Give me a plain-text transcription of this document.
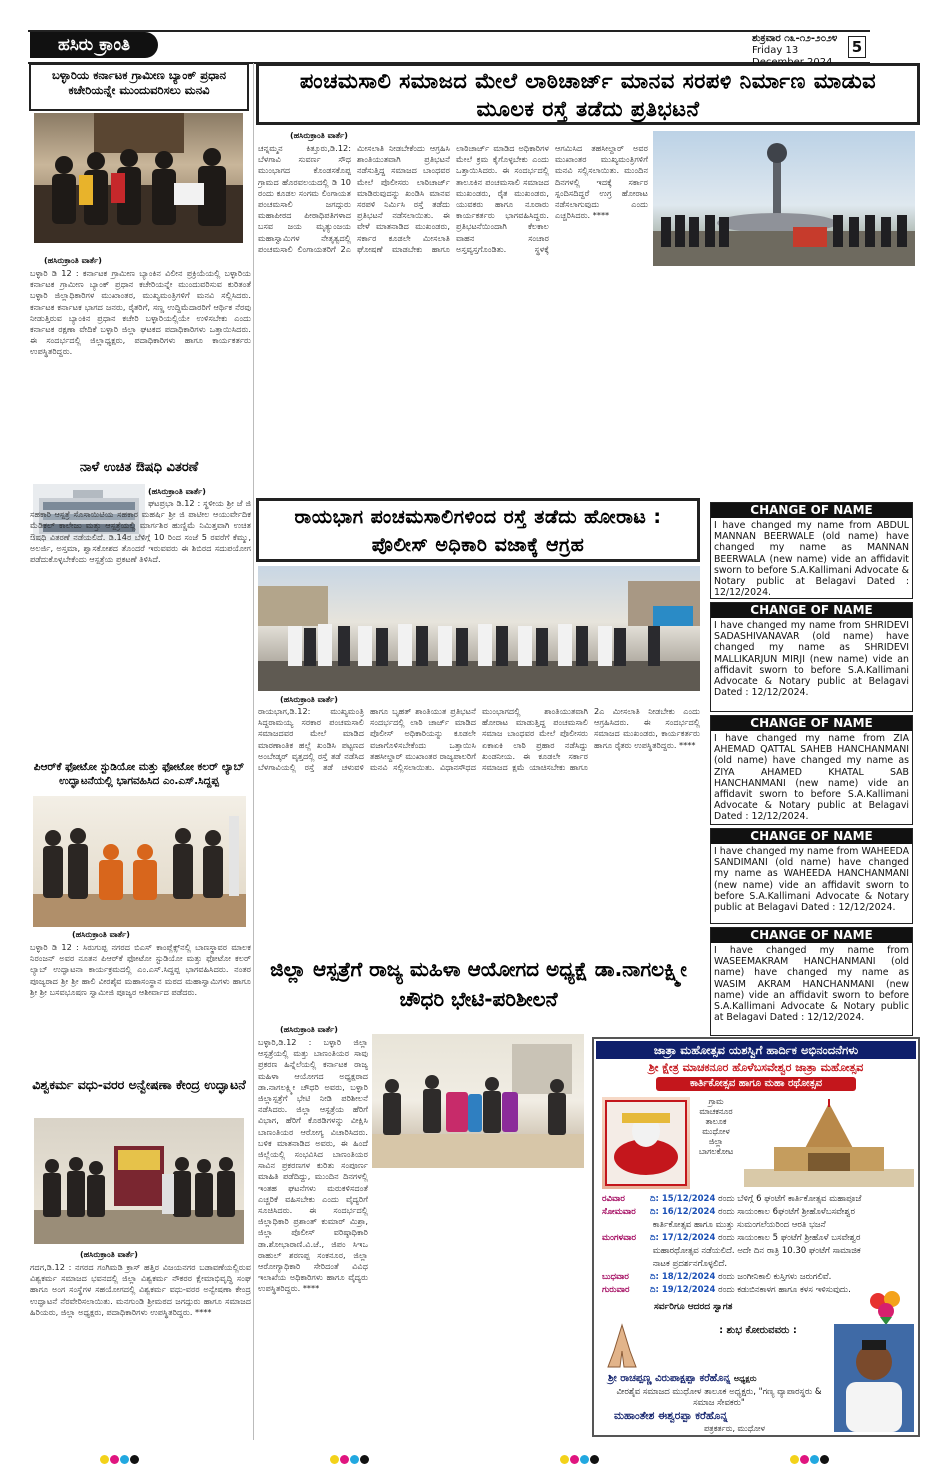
ಹಸಿರು ಕ್ರಾಂತಿ	ಶುಕ್ರವಾರ ೧೩-೧೨-೨೦೨೪
Friday 13 December 2024
5
ಬಳ್ಳಾರಿಯ ಕರ್ನಾಟಕ ಗ್ರಾಮೀಣ ಬ್ಯಾಂಕ್ ಪ್ರಧಾನ ಕಚೇರಿಯನ್ನೇ ಮುಂದುವರಿಸಲು ಮನವಿ
(ಹಸಿರುಕ್ರಾಂತಿ ವಾರ್ತೆ)
ಬಳ್ಳಾರಿ ಡಿ 12 : ಕರ್ನಾಟಕ ಗ್ರಾಮೀಣ ಬ್ಯಾಂಕಿನ ವಿಲೀನ ಪ್ರಕ್ರಿಯೆಯಲ್ಲಿ ಬಳ್ಳಾರಿಯ ಕರ್ನಾಟಕ ಗ್ರಾಮೀಣ ಬ್ಯಾಂಕ್ ಪ್ರಧಾನ ಕಚೇರಿಯನ್ನೇ ಮುಂದುವರಿಸುವ ಕುರಿತಂತೆ ಬಳ್ಳಾರಿ ಜಿಲ್ಲಾಧಿಕಾರಿಗಳ ಮುಖಾಂತರ, ಮುಖ್ಯಮಂತ್ರಿಗಳಿಗೆ ಮನವಿ ಸಲ್ಲಿಸಿದರು. ಕರ್ನಾಟಕ ಕರ್ನಾಟಕ ಭಾಗದ ಜನರು, ರೈತರಿಗೆ, ಸಣ್ಣ ಉದ್ದಿಮೆದಾರರಿಗೆ ಆರ್ಥಿಕ ನೆರವು ನೀಡುತ್ತಿರುವ ಬ್ಯಾಂಕಿನ ಪ್ರಧಾನ ಕಚೇರಿ ಬಳ್ಳಾರಿಯಲ್ಲಿಯೇ ಉಳಿಸಬೇಕು ಎಂದು ಕರ್ನಾಟಕ ರಕ್ಷಣಾ ವೇದಿಕೆ ಬಳ್ಳಾರಿ ಜಿಲ್ಲಾ ಘಟಕದ ಪದಾಧಿಕಾರಿಗಳು ಒತ್ತಾಯಿಸಿದರು. ಈ ಸಂದರ್ಭದಲ್ಲಿ ಜಿಲ್ಲಾಧ್ಯಕ್ಷರು, ಪದಾಧಿಕಾರಿಗಳು ಹಾಗೂ ಕಾರ್ಯಕರ್ತರು ಉಪಸ್ಥಿತರಿದ್ದರು.
ನಾಳೆ ಉಚಿತ ಔಷಧಿ ವಿತರಣೆ
(ಹಸಿರುಕ್ರಾಂತಿ ವಾರ್ತೆ)
ಘಟಪ್ರಭಾ ಡಿ.12 : ಸ್ಥಳೀಯ ಶ್ರೀ ಜೆ ಜಿ ಸಹಕಾರಿ ಆಸ್ಪತ್ರೆ ಸೊಸಾಯಿಟಿಯ ಸಹಕಾರ ಮಹರ್ಷಿ ಶ್ರೀ ಜಿ ಪಾಟೀಲ ಆಯುರ್ವೇದಿಕ ಮೆಡಿಕಲ್ ಕಾಲೇಜು ಮತ್ತು ಆಸ್ಪತ್ರೆಯಲ್ಲಿ ಮಾರ್ಗಶಿರ ಹುಣ್ಣಿಮೆ ನಿಮಿತ್ತವಾಗಿ ಉಚಿತ ಔಷಧಿ ವಿತರಣೆ ನಡೆಯಲಿದೆ. ಡಿ.14ರ ಬೆಳಿಗ್ಗೆ 10 ರಿಂದ ಸಂಜೆ 5 ರವರೆಗೆ ಕೆಮ್ಮು, ಅಲರ್ಜಿ, ಅಸ್ತಮಾ, ಶ್ವಾಸಕೋಶದ ತೊಂದರೆ ಇರುವವರು ಈ ಶಿಬಿರದ ಸದುಪಯೋಗ ಪಡೆದುಕೊಳ್ಳಬೇಕೆಂದು ಆಸ್ಪತ್ರೆಯ ಪ್ರಕಟಣೆ ತಿಳಿಸಿದೆ.
ಪಿಆರ್‌ಕೆ ಫೋಟೋ ಸ್ಟುಡಿಯೋ ಮತ್ತು ಫೋಟೋ ಕಲರ್ ಲ್ಯಾಬ್ ಉದ್ಘಾಟನೆಯಲ್ಲಿ ಭಾಗವಹಿಸಿದ ಎಂ.ಎಸ್.ಸಿದ್ದಪ್ಪ
(ಹಸಿರುಕ್ರಾಂತಿ ವಾರ್ತೆ)
ಬಳ್ಳಾರಿ ಡಿ 12 : ಸಿರುಗುಪ್ಪ ನಗರದ ಬಿಎಸ್ ಕಾಂಪ್ಲೆಕ್ಸ್‌ನಲ್ಲಿ ಬಾಣಸ್ಥಾವರ ಮಾಲಕ ನಿರಂಜನ್ ಅವರ ನೂತನ ಪಿಆರ್‌ಕೆ ಫೋಟೋ ಸ್ಟುಡಿಯೋ ಮತ್ತು ಫೋಟೋ ಕಲರ್ ಲ್ಯಾಬ್ ಉದ್ಘಾಟನಾ ಕಾರ್ಯಕ್ರಮದಲ್ಲಿ ಎಂ.ಎಸ್.ಸಿದ್ದಪ್ಪ ಭಾಗವಹಿಸಿದರು. ನಂತರ ಪೂಜ್ಯರಾದ ಶ್ರೀ ಶ್ರೀ ಹಾಲಿ ವೀರಶೈವ ಮಹಾಸಂಸ್ಥಾನ ಮಠದ ಮಹಾಸ್ವಾಮಿಗಳು ಹಾಗೂ ಶ್ರೀ ಶ್ರೀ ಬಸವಭೂಷಣ ಸ್ವಾಮೀಜಿ ಪೂಜ್ಯರ ಆಶೀರ್ವಾದ ಪಡೆದರು.
ವಿಶ್ವಕರ್ಮ ವಧು-ವರರ ಅನ್ವೇಷಣಾ ಕೇಂದ್ರ ಉದ್ಘಾಟನೆ
(ಹಸಿರುಕ್ರಾಂತಿ ವಾರ್ತೆ)
ಗದಗ,ಡಿ.12 : ನಗರದ ಗಂಗಿಮಡಿ ಕ್ರಾಸ್ ಹತ್ತಿರ ವಿಜಯನಗರ ಬಡಾವಣೆಯಲ್ಲಿರುವ ವಿಶ್ವಕರ್ಮ ಸಮಾಜದ ಭವನದಲ್ಲಿ ಜಿಲ್ಲಾ ವಿಶ್ವಕರ್ಮ ನೌಕರರ ಕ್ಷೇಮಾಭಿವೃದ್ಧಿ ಸಂಘ ಹಾಗೂ ಅಂಗ ಸಂಸ್ಥೆಗಳ ಸಹಯೋಗದಲ್ಲಿ ವಿಶ್ವಕರ್ಮ ವಧು-ವರರ ಅನ್ವೇಷಣಾ ಕೇಂದ್ರ ಉದ್ಘಾಟನೆ ನೆರವೇರಿಸಲಾಯಿತು. ಮನಗುಂಡಿ ಶ್ರೀಮಠದ ಜಗದ್ಗುರು ಹಾಗೂ ಸಮಾಜದ ಹಿರಿಯರು, ಜಿಲ್ಲಾ ಅಧ್ಯಕ್ಷರು, ಪದಾಧಿಕಾರಿಗಳು ಉಪಸ್ಥಿತರಿದ್ದರು. ****
ಪಂಚಮಸಾಲಿ ಸಮಾಜದ ಮೇಲೆ ಲಾಠಿಚಾರ್ಜ್ ಮಾನವ ಸರಪಳಿ ನಿರ್ಮಾಣ ಮಾಡುವ ಮೂಲಕ ರಸ್ತೆ ತಡೆದು ಪ್ರತಿಭಟನೆ
(ಹಸಿರುಕ್ರಾಂತಿ ವಾರ್ತೆ)
ಚನ್ನಮ್ಮನ ಕಿತ್ತೂರು,ಡಿ.12: ಬೆಳಗಾವಿ ಸುವರ್ಣ ಸೌಧ ಮುಂಭಾಗದ ಕೊಂಡಸಕೊಪ್ಪ ಗ್ರಾಮದ ಹೊರವಲಯದಲ್ಲಿ ಡಿ 10 ರಂದು ಕೂಡಲ ಸಂಗಮ ಲಿಂಗಾಯತ ಪಂಚಮಸಾಲಿ ಜಗದ್ಗುರು ಮಹಾಪೀಠದ ಪೀಠಾಧಿಪತಿಗಳಾದ ಬಸವ ಜಯ ಮೃತ್ಯುಂಜಯ ಮಹಾಸ್ವಾಮಿಗಳ ನೇತೃತ್ವದಲ್ಲಿ ಪಂಚಮಸಾಲಿ ಲಿಂಗಾಯತರಿಗೆ 2ಎ ಮೀಸಲಾತಿ ನೀಡಬೇಕೆಂದು ಆಗ್ರಹಿಸಿ ಶಾಂತಿಯುತವಾಗಿ ಪ್ರತಿಭಟನೆ ನಡೆಸುತ್ತಿದ್ದ ಸಮಾಜದ ಬಾಂಧವರ ಮೇಲೆ ಪೊಲೀಸರು ಲಾಠಿಚಾರ್ಜ್ ಮಾಡಿರುವುದನ್ನು ಖಂಡಿಸಿ ಮಾನವ ಸರಪಳಿ ನಿರ್ಮಿಸಿ ರಸ್ತೆ ತಡೆದು ಪ್ರತಿಭಟನೆ ನಡೆಸಲಾಯಿತು. ಈ ವೇಳೆ ಮಾತನಾಡಿದ ಮುಖಂಡರು, ಸರ್ಕಾರ ಕೂಡಲೇ ಮೀಸಲಾತಿ ಘೋಷಣೆ ಮಾಡಬೇಕು ಹಾಗೂ ಲಾಠಿಚಾರ್ಜ್ ಮಾಡಿದ ಅಧಿಕಾರಿಗಳ ಮೇಲೆ ಕ್ರಮ ಕೈಗೊಳ್ಳಬೇಕು ಎಂದು ಒತ್ತಾಯಿಸಿದರು. ಈ ಸಂದರ್ಭದಲ್ಲಿ ತಾಲೂಕಿನ ಪಂಚಮಸಾಲಿ ಸಮಾಜದ ಮುಖಂಡರು, ರೈತ ಮುಖಂಡರು, ಯುವಕರು ಹಾಗೂ ನೂರಾರು ಕಾರ್ಯಕರ್ತರು ಭಾಗವಹಿಸಿದ್ದರು. ಪ್ರತಿಭಟನೆಯಿಂದಾಗಿ ಕೆಲಕಾಲ ವಾಹನ ಸಂಚಾರ ಅಸ್ತವ್ಯಸ್ತಗೊಂಡಿತು. ಸ್ಥಳಕ್ಕೆ ಆಗಮಿಸಿದ ತಹಸೀಲ್ದಾರ್ ಅವರ ಮುಖಾಂತರ ಮುಖ್ಯಮಂತ್ರಿಗಳಿಗೆ ಮನವಿ ಸಲ್ಲಿಸಲಾಯಿತು. ಮುಂದಿನ ದಿನಗಳಲ್ಲಿ ಇದಕ್ಕೆ ಸರ್ಕಾರ ಸ್ಪಂದಿಸದಿದ್ದರೆ ಉಗ್ರ ಹೋರಾಟ ನಡೆಸಲಾಗುವುದು ಎಂದು ಎಚ್ಚರಿಸಿದರು. ****
ರಾಯಭಾಗ ಪಂಚಮಸಾಲಿಗಳಿಂದ ರಸ್ತೆ ತಡೆದು ಹೋರಾಟ : ಪೊಲೀಸ್ ಅಧಿಕಾರಿ ವಜಾಕ್ಕೆ ಆಗ್ರಹ
(ಹಸಿರುಕ್ರಾಂತಿ ವಾರ್ತೆ)
ರಾಯಭಾಗ,ಡಿ.12: ಮುಖ್ಯಮಂತ್ರಿ ಸಿದ್ದರಾಮಯ್ಯ ಸರಕಾರ ಪಂಚಮಸಾಲಿ ಸಮಾಜದವರ ಮೇಲೆ ಮಾಡಿದ ಮಾರಣಾಂತಿಕ ಹಲ್ಲೆ ಖಂಡಿಸಿ ಪಟ್ಟಣದ ಅಂಬೇಡ್ಕರ್ ವೃತ್ತದಲ್ಲಿ ರಸ್ತೆ ತಡೆ ನಡೆಸಿದ ಬೆಳಗಾವಿಯಲ್ಲಿ ರಸ್ತೆ ತಡೆ ಚಳುವಳಿ ಹಾಗೂ ಬೃಹತ್ ಶಾಂತಿಯುತ ಪ್ರತಿಭಟನೆ ಸಂದರ್ಭದಲ್ಲಿ ಲಾಠಿ ಚಾರ್ಜ್ ಮಾಡಿದ ಪೊಲೀಸ್ ಅಧಿಕಾರಿಯನ್ನು ಕೂಡಲೇ ವಜಾಗೊಳಿಸಬೇಕೆಂದು ಒತ್ತಾಯಿಸಿ ತಹಸೀಲ್ದಾರ್ ಮುಖಾಂತರ ರಾಜ್ಯಪಾಲರಿಗೆ ಮನವಿ ಸಲ್ಲಿಸಲಾಯಿತು. ವಿಧಾನಸೌಧದ ಮುಂಭಾಗದಲ್ಲಿ ಶಾಂತಿಯುತವಾಗಿ ಹೋರಾಟ ಮಾಡುತ್ತಿದ್ದ ಪಂಚಮಸಾಲಿ ಸಮಾಜ ಬಾಂಧವರ ಮೇಲೆ ಪೊಲೀಸರು ಏಕಾಏಕಿ ಲಾಠಿ ಪ್ರಹಾರ ನಡೆಸಿದ್ದು ಖಂಡನೀಯ. ಈ ಕೂಡಲೇ ಸರ್ಕಾರ ಸಮಾಜದ ಕ್ಷಮೆ ಯಾಚಿಸಬೇಕು ಹಾಗೂ 2ಎ ಮೀಸಲಾತಿ ನೀಡಬೇಕು ಎಂದು ಆಗ್ರಹಿಸಿದರು. ಈ ಸಂದರ್ಭದಲ್ಲಿ ಸಮಾಜದ ಮುಖಂಡರು, ಕಾರ್ಯಕರ್ತರು ಹಾಗೂ ರೈತರು ಉಪಸ್ಥಿತರಿದ್ದರು. ****
ಜಿಲ್ಲಾ ಆಸ್ಪತ್ರೆಗೆ ರಾಜ್ಯ ಮಹಿಳಾ ಆಯೋಗದ ಅಧ್ಯಕ್ಷೆ ಡಾ.ನಾಗಲಕ್ಷ್ಮೀ ಚೌಧರಿ ಭೇಟಿ-ಪರಿಶೀಲನೆ
(ಹಸಿರುಕ್ರಾಂತಿ ವಾರ್ತೆ)
ಬಳ್ಳಾರಿ,ಡಿ.12 : ಬಳ್ಳಾರಿ ಜಿಲ್ಲಾ ಆಸ್ಪತ್ರೆಯಲ್ಲಿ ಮತ್ತು ಬಾಣಂತಿಯರ ಸಾವು ಪ್ರಕರಣ ಹಿನ್ನೆಲೆಯಲ್ಲಿ ಕರ್ನಾಟಕ ರಾಜ್ಯ ಮಹಿಳಾ ಆಯೋಗದ ಅಧ್ಯಕ್ಷರಾದ ಡಾ.ನಾಗಲಕ್ಷ್ಮೀ ಚೌಧರಿ ಅವರು, ಬಳ್ಳಾರಿ ಜಿಲ್ಲಾಸ್ಪತ್ರೆಗೆ ಭೇಟಿ ನೀಡಿ ಪರಿಶೀಲನೆ ನಡೆಸಿದರು. ಜಿಲ್ಲಾ ಆಸ್ಪತ್ರೆಯ ಹೆರಿಗೆ ವಿಭಾಗ, ಹೆರಿಗೆ ಕೊಠಡಿಗಳನ್ನು ವೀಕ್ಷಿಸಿ ಬಾಣಂತಿಯರ ಆರೋಗ್ಯ ವಿಚಾರಿಸಿದರು. ಬಳಿಕ ಮಾತನಾಡಿದ ಅವರು, ಈ ಹಿಂದೆ ಜಿಲ್ಲೆಯಲ್ಲಿ ಸಂಭವಿಸಿದ ಬಾಣಂತಿಯರ ಸಾವಿನ ಪ್ರಕರಣಗಳ ಕುರಿತು ಸಂಪೂರ್ಣ ಮಾಹಿತಿ ಪಡೆದಿದ್ದು, ಮುಂದಿನ ದಿನಗಳಲ್ಲಿ ಇಂತಹ ಘಟನೆಗಳು ಮರುಕಳಿಸದಂತೆ ಎಚ್ಚರಿಕೆ ವಹಿಸಬೇಕು ಎಂದು ವೈದ್ಯರಿಗೆ ಸೂಚಿಸಿದರು. ಈ ಸಂದರ್ಭದಲ್ಲಿ ಜಿಲ್ಲಾಧಿಕಾರಿ ಪ್ರಶಾಂತ್ ಕುಮಾರ್ ಮಿಶ್ರಾ, ಜಿಲ್ಲಾ ಪೊಲೀಸ್ ವರಿಷ್ಠಾಧಿಕಾರಿ ಡಾ.ಶೋಭಾರಾಣಿ.ವಿ.ಜೆ., ಜಿಪಂ ಸಿಇಒ ರಾಹುಲ್ ಶರಣಪ್ಪ ಸಂಕನೂರ, ಜಿಲ್ಲಾ ಆರೋಗ್ಯಾಧಿಕಾರಿ ಸೇರಿದಂತೆ ವಿವಿಧ ಇಲಾಖೆಯ ಅಧಿಕಾರಿಗಳು ಹಾಗೂ ವೈದ್ಯರು ಉಪಸ್ಥಿತರಿದ್ದರು. ****
CHANGE OF NAME
I have changed my name from ABDUL MANNAN BEERWALE (old name) have changed my name as MANNAN BEERWALA (new name) vide an affidavit sworn to before S.A.Kallimani Advocate & Notary public at Belagavi Dated : 12/12/2024.
CHANGE OF NAME
I have changed my name from SHRIDEVI SADASHIVANAVAR (old name) have changed my name as SHRIDEVI MALLIKARJUN MIRJI (new name) vide an affidavit sworn to before S.A.Kallimani Advocate & Notary public at Belagavi Dated : 12/12/2024.
CHANGE OF NAME
I have changed my name from ZIA AHEMAD QATTAL SAHEB HANCHANMANI (old name) have changed my name as ZIYA AHAMED KHATAL SAB HANCHANMANI (new name) vide an affidavit sworn to before S.A.Kallimani Advocate & Notary public at Belagavi Dated : 12/12/2024.
CHANGE OF NAME
I have changed my name from WAHEEDA SANDIMANI (old name) have changed my name as WAHEEDA HANCHANMANI (new name) vide an affidavit sworn to before S.A.Kallimani Advocate & Notary public at Belagavi Dated : 12/12/2024.
CHANGE OF NAME
I have changed my name from WASEEMAKRAM HANCHANMANI (old name) have changed my name as WASIM AKRAM HANCHANMANI (new name) vide an affidavit sworn to before S.A.Kallimani Advocate & Notary public at Belagavi Dated : 12/12/2024.
ಜಾತ್ರಾ ಮಹೋತ್ಸವ ಯಶಸ್ವಿಗೆ ಹಾರ್ದಿಕ ಅಭಿನಂದನೆಗಳು
ಶ್ರೀ ಕ್ಷೇತ್ರ ಮಾಚಕನೂರ ಹೊಳೆಬಸವೇಶ್ವರ ಜಾತ್ರಾ ಮಹೋತ್ಸವ
ಕಾರ್ತಿಕೋತ್ಸವ ಹಾಗೂ ಮಹಾ ರಥೋತ್ಸವ
ಗ್ರಾಮ ಮಾಚಕನೂರ ತಾಲೂಕ ಮುಧೋಳ ಜಿಲ್ಲಾ ಬಾಗಲಕೋಟ
ರವಿವಾರ	ದಿ: 15/12/2024 ರಂದು ಬೆಳಿಗ್ಗೆ 6 ಘಂಟೆಗೆ ಕಾರ್ತಿಕೋತ್ಸವ ಮಹಾಪೂಜೆ
ಸೋಮವಾರ ದಿ: 16/12/2024 ರಂದು ಸಾಯಂಕಾಲ 6ಘಂಟೆಗೆ ಶ್ರೀಹೊಳೆಬಸವೇಶ್ವರ
ಕಾರ್ತಿಕೋತ್ಸವ ಹಾಗೂ ಮುತ್ತು ಸುಮಂಗಲೆಯರಿಂದ ಆರತಿ ಭಜನೆ
ಮಂಗಳವಾರ ದಿ: 17/12/2024 ರಂದು ಸಾಯಂಕಾಲ 5 ಘಂಟೆಗೆ ಶ್ರೀಹೊಳೆ ಬಸವೇಶ್ವರ
ಮಹಾರಥೋತ್ಸವ ನಡೆಯಲಿದೆ. ಅದೇ ದಿನ ರಾತ್ರಿ 10.30 ಘಂಟೆಗೆ ಸಾಮಾಜಿಕ
ನಾಟಕ ಪ್ರದರ್ಶನಗೊಳ್ಳಲಿದೆ.
ಬುಧವಾರ ದಿ: 18/12/2024 ರಂದು ಜಂಗೀನಿಕಾಲಿ ಕುಸ್ತಿಗಳು ಜರುಗಲಿವೆ.
ಗುರುವಾರ ದಿ: 19/12/2024 ರಂದು ಕಡುಬಿನಕಾಳಗ ಹಾಗೂ ಕಳಸ ಇಳಿಸುವುದು.
ಸರ್ವರಿಗೂ ಆದರದ ಸ್ವಾಗತ
: ಶುಭ ಕೋರುವವರು :
ಶ್ರೀ ರಾಚಪ್ಪಣ್ಣ ವಿರುಪಾಕ್ಷಪ್ಪಾ ಕರೆಹೊನ್ನ ಅಧ್ಯಕ್ಷರು
ವೀರಶೈವ ಸಮಾಜದ ಮುಧೋಳ ತಾಲೂಕ ಅಧ್ಯಕ್ಷರು, "ಗಣ್ಯ ವ್ಯಾಪಾರಸ್ಥರು & ಸಮಾಜ ಸೇವಕರು"
ಮಹಾಂತೇಶ ಈಶ್ವರಪ್ಪಾ ಕರೆಹೊನ್ನ
ಪತ್ರಕರ್ತರು, ಮುಧೋಳ
